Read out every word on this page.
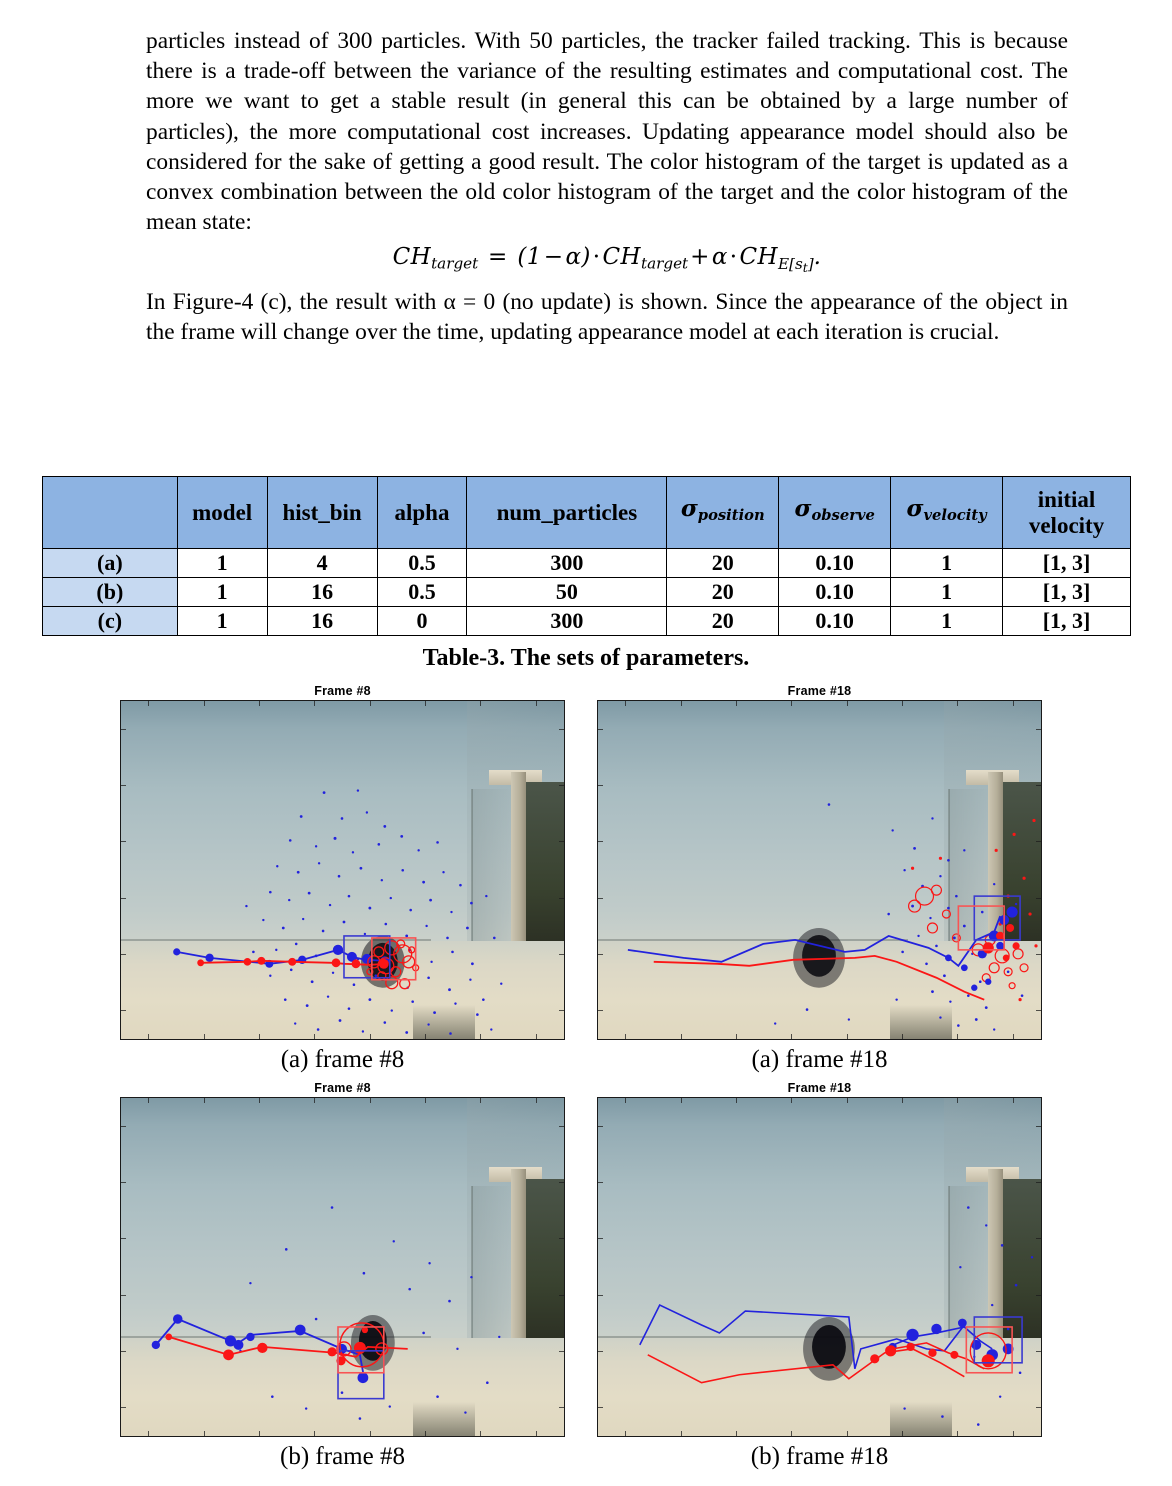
particles instead of 300 particles. With 50 particles, the tracker failed tracking. This is because there is a trade-off between the variance of the resulting estimates and computational cost. The more we want to get a stable result (in general this can be obtained by a large number of particles), the more computational cost increases. Updating appearance model should also be considered for the sake of getting a good result. The color histogram of the target is updated as a convex combination between the old color histogram of the target and the color histogram of the mean state:

$CH_{target} = (1-\alpha)\cdot CH_{target}+\alpha\cdot CH_{E[s_t]}$.

In Figure-4 (c), the result with α = 0 (no update) is shown. Since the appearance of the object in the frame will change over the time, updating appearance model at each iteration is crucial.

	model	hist_bin	alpha	num_particles	$\sigma_{position}$	$\sigma_{observe}$	$\sigma_{velocity}$	initial velocity
(a)	1	4	0.5	300	20	0.10	1	[1, 3]
(b)	1	16	0.5	50	20	0.10	1	[1, 3]
(c)	1	16	0	300	20	0.10	1	[1, 3]
Table-3. The sets of parameters.
Frame #8
(a) frame #8
Frame #18
(a) frame #18
Frame #8
(b) frame #8
Frame #18
(b) frame #18
